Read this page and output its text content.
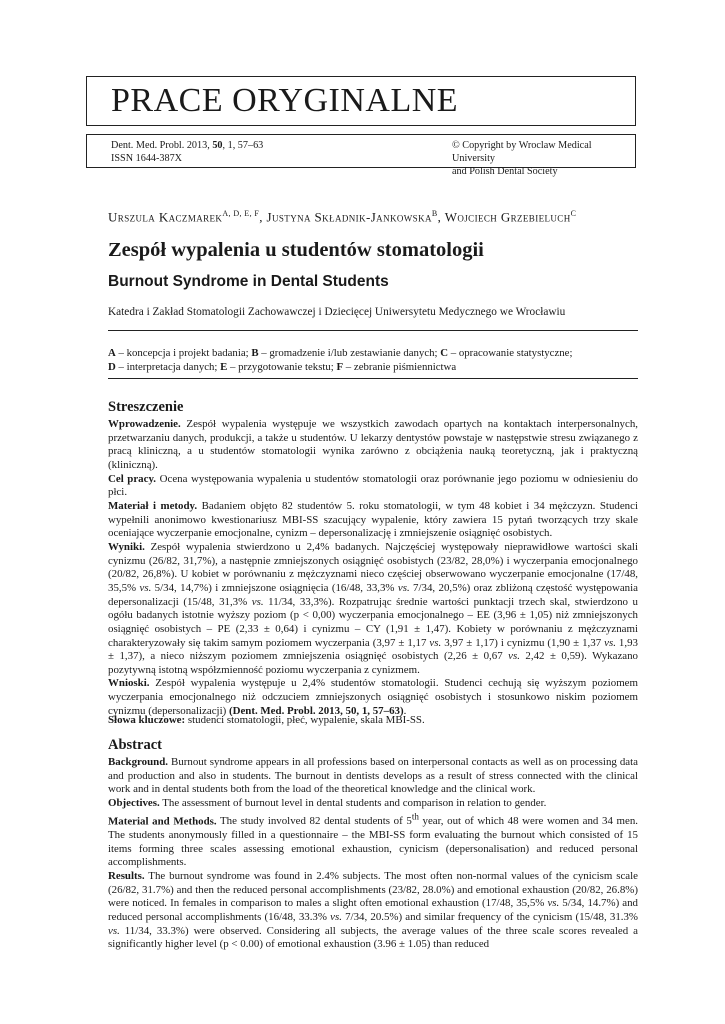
PRACE ORYGINALNE
Dent. Med. Probl. 2013, 50, 1, 57–63
ISSN 1644-387X
© Copyright by Wroclaw Medical University
and Polish Dental Society
Urszula Kaczmarek$^{A, D, E, F}$, Justyna Składnik-Jankowska$^B$, Wojciech Grzebieluch$^C$
Zespół wypalenia u studentów stomatologii
Burnout Syndrome in Dental Students
Katedra i Zakład Stomatologii Zachowawczej i Dziecięcej Uniwersytetu Medycznego we Wrocławiu
A – koncepcja i projekt badania; B – gromadzenie i/lub zestawianie danych; C – opracowanie statystyczne;
D – interpretacja danych; E – przygotowanie tekstu; F – zebranie piśmiennictwa
Streszczenie

Wprowadzenie. Zespół wypalenia występuje we wszystkich zawodach opartych na kontaktach interpersonalnych, przetwarzaniu danych, produkcji, a także u studentów. U lekarzy dentystów powstaje w następstwie stresu związanego z pracą kliniczną, a u studentów stomatologii wynika zarówno z obciążenia nauką teoretyczną, jak i praktyczną (kliniczną).

Cel pracy. Ocena występowania wypalenia u studentów stomatologii oraz porównanie jego poziomu w odniesieniu do płci.

Materiał i metody. Badaniem objęto 82 studentów 5. roku stomatologii, w tym 48 kobiet i 34 mężczyzn. Studenci wypełnili anonimowo kwestionariusz MBI-SS szacujący wypalenie, który zawiera 15 pytań tworzących trzy skale oceniające wyczerpanie emocjonalne, cynizm – depersonalizację i zmniejszenie osiągnięć osobistych.

Wyniki. Zespół wypalenia stwierdzono u 2,4% badanych. Najczęściej występowały nieprawidłowe wartości skali cynizmu (26/82, 31,7%), a następnie zmniejszonych osiągnięć osobistych (23/82, 28,0%) i wyczerpania emocjonalnego (20/82, 26,8%). U kobiet w porównaniu z mężczyznami nieco częściej obserwowano wyczerpanie emocjonalne (17/48, 35,5% vs. 5/34, 14,7%) i zmniejszone osiągnięcia (16/48, 33,3% vs. 7/34, 20,5%) oraz zbliżoną częstość występowania depersonalizacji (15/48, 31,3% vs. 11/34, 33,3%). Rozpatrując średnie wartości punktacji trzech skal, stwierdzono u ogółu badanych istotnie wyższy poziom (p < 0,00) wyczerpania emocjonalnego – EE (3,96 ± 1,05) niż zmniejszonych osiągnięć osobistych – PE (2,33 ± 0,64) i cynizmu – CY (1,91 ± 1,47). Kobiety w porównaniu z mężczyznami charakteryzowały się takim samym poziomem wyczerpania (3,97 ± 1,17 vs. 3,97 ± 1,17) i cynizmu (1,90 ± 1,37 vs. 1,93 ± 1,37), a nieco niższym poziomem zmniejszenia osiągnięć osobistych (2,26 ± 0,67 vs. 2,42 ± 0,59). Wykazano pozytywną istotną współzmienność poziomu wyczerpania z cynizmem.

Wnioski. Zespół wypalenia występuje u 2,4% studentów stomatologii. Studenci cechują się wyższym poziomem wyczerpania emocjonalnego niż odczuciem zmniejszonych osiągnięć osobistych i stosunkowo niskim poziomem cynizmu (depersonalizacji) (Dent. Med. Probl. 2013, 50, 1, 57–63).

Słowa kluczowe: studenci stomatologii, płeć, wypalenie, skala MBI-SS.
Abstract

Background. Burnout syndrome appears in all professions based on interpersonal contacts as well as on processing data and production and also in students. The burnout in dentists develops as a result of stress connected with the clinical work and in dental students both from the load of the theoretical knowledge and the clinical work.

Objectives. The assessment of burnout level in dental students and comparison in relation to gender.

Material and Methods. The study involved 82 dental students of 5th year, out of which 48 were women and 34 men. The students anonymously filled in a questionnaire – the MBI-SS form evaluating the burnout which consisted of 15 items forming three scales assessing emotional exhaustion, cynicism (depersonalisation) and reduced personal accomplishments.

Results. The burnout syndrome was found in 2.4% subjects. The most often non-normal values of the cynicism scale (26/82, 31.7%) and then the reduced personal accomplishments (23/82, 28.0%) and emotional exhaustion (20/82, 26.8%) were noticed. In females in comparison to males a slight often emotional exhaustion (17/48, 35,5% vs. 5/34, 14.7%) and reduced personal accomplishments (16/48, 33.3% vs. 7/34, 20.5%) and similar frequency of the cynicism (15/48, 31.3% vs. 11/34, 33.3%) were observed. Considering all subjects, the average values of the three scale scores revealed a significantly higher level (p < 0.00) of emotional exhaustion (3.96 ± 1.05) than reduced
